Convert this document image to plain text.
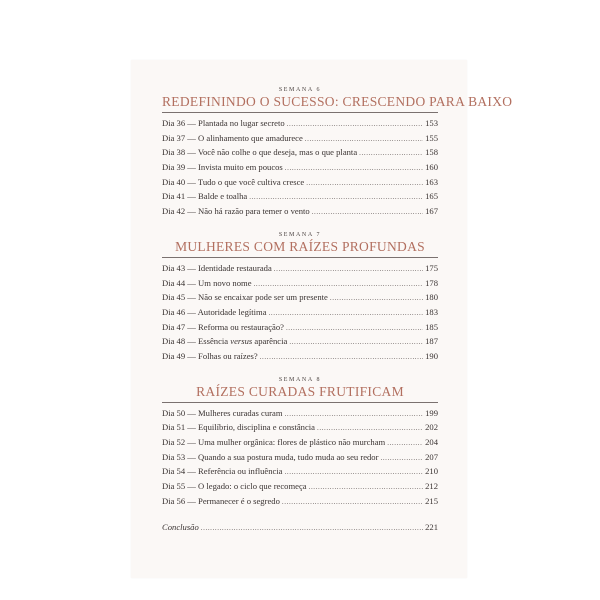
SEMANA 6
REDEFININDO O SUCESSO: CRESCENDO PARA BAIXO
Dia 36 — Plantada no lugar secreto .....	153
Dia 37 — O alinhamento que amadurece .....	155
Dia 38 — Você não colhe o que deseja, mas o que planta .....	158
Dia 39 — Invista muito em poucos .....	160
Dia 40 — Tudo o que você cultiva cresce .....	163
Dia 41 — Balde e toalha .....	165
Dia 42 — Não há razão para temer o vento .....	167
SEMANA 7
MULHERES COM RAÍZES PROFUNDAS
Dia 43 — Identidade restaurada .....	175
Dia 44 — Um novo nome .....	178
Dia 45 — Não se encaixar pode ser um presente .....	180
Dia 46 — Autoridade legítima .....	183
Dia 47 — Reforma ou restauração? .....	185
Dia 48 — Essência versus aparência .....	187
Dia 49 — Folhas ou raízes? .....	190
SEMANA 8
RAÍZES CURADAS FRUTIFICAM
Dia 50 — Mulheres curadas curam .....	199
Dia 51 — Equilíbrio, disciplina e constância .....	202
Dia 52 — Uma mulher orgânica: flores de plástico não murcham .....	204
Dia 53 — Quando a sua postura muda, tudo muda ao seu redor .....	207
Dia 54 — Referência ou influência .....	210
Dia 55 — O legado: o ciclo que recomeça .....	212
Dia 56 — Permanecer é o segredo .....	215
Conclusão .....	221
